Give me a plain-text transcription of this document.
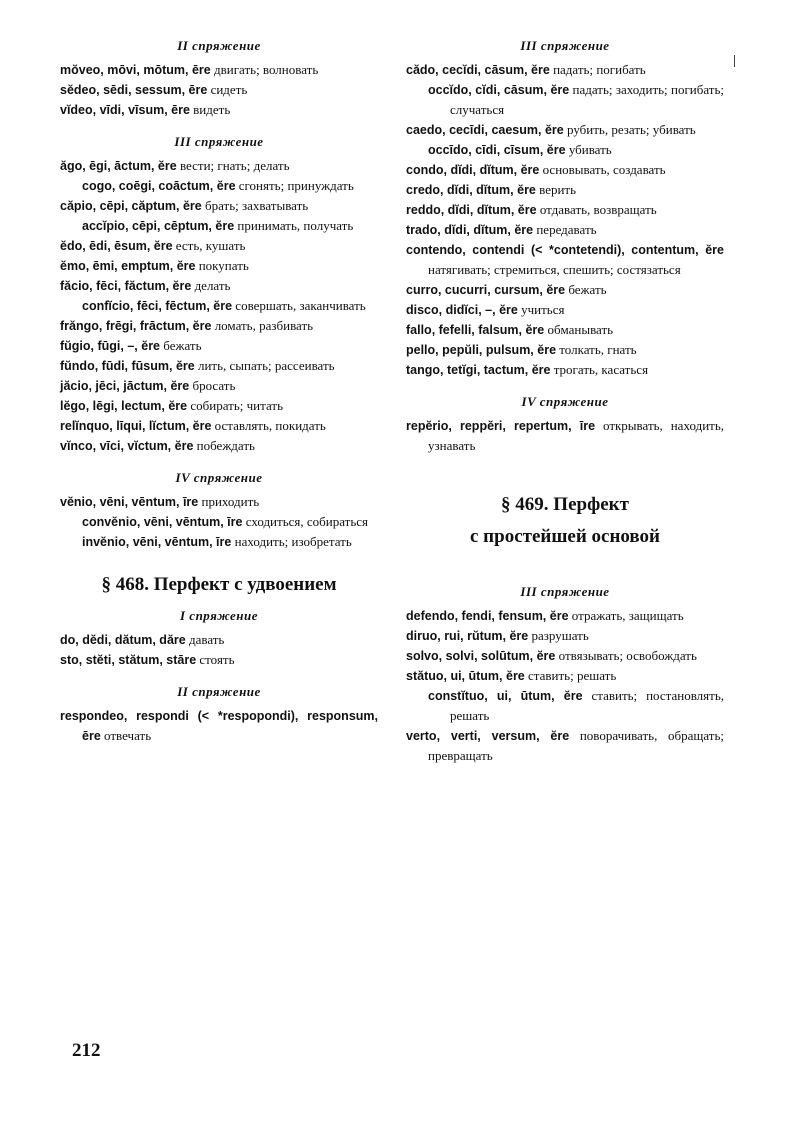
II спряжение

mŏveo, mōvi, mōtum, ēre двигать; волновать

sĕdeo, sēdi, sessum, ēre сидеть

vĭdeo, vīdi, vīsum, ēre видеть

III спряжение

ăgo, ēgi, āctum, ĕre вести; гнать; делать

cogo, coēgi, coāctum, ĕre сгонять; принуждать

căpio, cēpi, căptum, ĕre брать; захватывать

accĭpio, cēpi, cēptum, ĕre принимать, получать

ĕdo, ēdi, ēsum, ĕre есть, кушать

ĕmo, ēmi, emptum, ĕre покупать

făcio, fēci, făctum, ĕre делать

confĭcio, fēci, fēctum, ĕre совершать, заканчивать

frăngo, frēgi, frāctum, ĕre ломать, разбивать

fŭgio, fūgi, –, ĕre бежать

fŭndo, fūdi, fūsum, ĕre лить, сыпать; рассеивать

jăcio, jēci, jāctum, ĕre бросать

lĕgo, lēgi, lectum, ĕre собирать; читать

relĭnquo, līqui, lĭctum, ĕre оставлять, покидать

vĭnco, vīci, vĭctum, ĕre побеждать

IV спряжение

vĕnio, vēni, vēntum, īre приходить

convĕnio, vēni, vēntum, īre сходиться, собираться

invĕnio, vēni, vēntum, īre находить; изобретать

§ 468. Перфект с удвоением
I спряжение

do, dĕdi, dătum, dăre давать

sto, stĕti, stătum, stāre стоять

II спряжение

respondeo, respondi (< *respopondi), responsum, ēre отвечать

III спряжение

cădo, cecĭdi, cāsum, ĕre падать; погибать

occĭdo, cĭdi, cāsum, ĕre падать; заходить; погибать; случаться

caedo, cecīdi, caesum, ĕre рубить, резать; убивать

occīdo, cīdi, cīsum, ĕre убивать

condo, dĭdi, dĭtum, ĕre основывать, создавать

credo, dĭdi, dĭtum, ĕre верить

reddo, dĭdi, dĭtum, ĕre отдавать, возвращать

trado, dĭdi, dĭtum, ĕre передавать

contendo, contendi (< *contetendi), contentum, ĕre натягивать; стремиться, спешить; состязаться

curro, cucurri, cursum, ĕre бежать

disco, didĭci, –, ĕre учиться

fallo, fefelli, falsum, ĕre обманывать

pello, pepŭli, pulsum, ĕre толкать, гнать

tango, tetĭgi, tactum, ĕre трогать, касаться

IV спряжение

repĕrio, reppĕri, repertum, īre открывать, находить, узнавать

§ 469. Перфект
с простейшей основой
III спряжение

defendo, fendi, fensum, ĕre отражать, защищать

diruo, rui, rŭtum, ĕre разрушать

solvo, solvi, solūtum, ĕre отвязывать; освобождать

stătuo, ui, ūtum, ĕre ставить; решать

constĭtuo, ui, ūtum, ĕre ставить; постановлять, решать

verto, verti, versum, ĕre поворачивать, обращать; превращать

212
